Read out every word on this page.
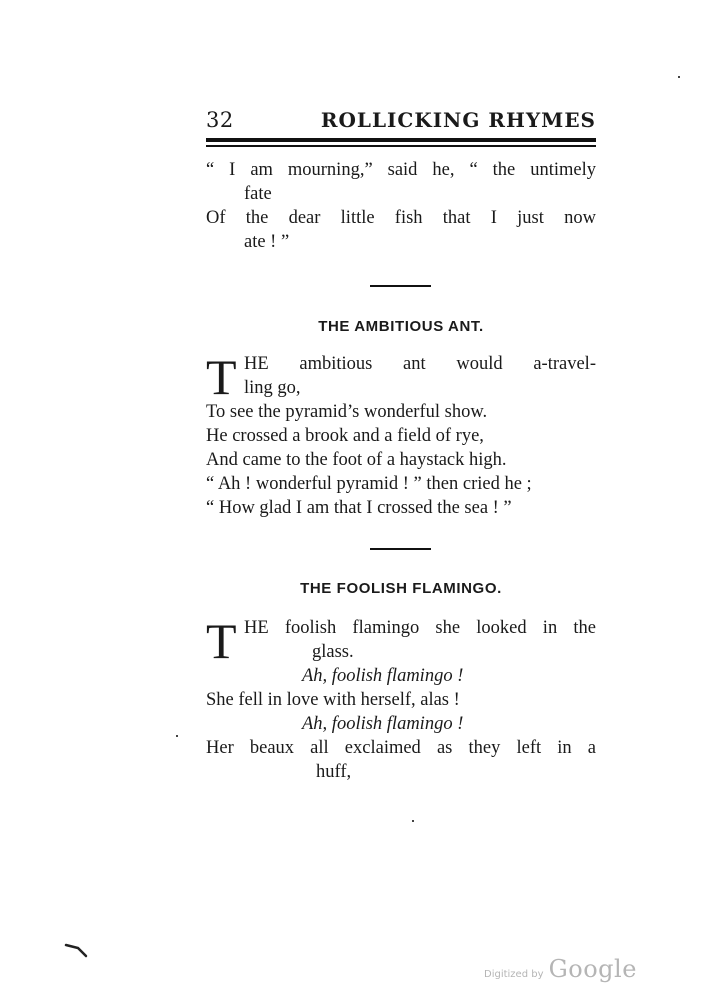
32	ROLLICKING RHYMES
“ I am mourning,” said he, “ the untimely
fate
Of the dear little fish that I just now
ate ! ”
THE AMBITIOUS ANT.
T HE ambitious ant would a-travel-
ling go,
To see the pyramid’s wonderful show.
He crossed a brook and a field of rye,
And came to the foot of a haystack high.
“ Ah ! wonderful pyramid ! ” then cried he ;
“ How glad I am that I crossed the sea ! ”
THE FOOLISH FLAMINGO.
T HE foolish flamingo she looked in the
glass.
Ah, foolish flamingo !
She fell in love with herself, alas !
Ah, foolish flamingo !
Her beaux all exclaimed as they left in a
huff,
Digitized by Google
